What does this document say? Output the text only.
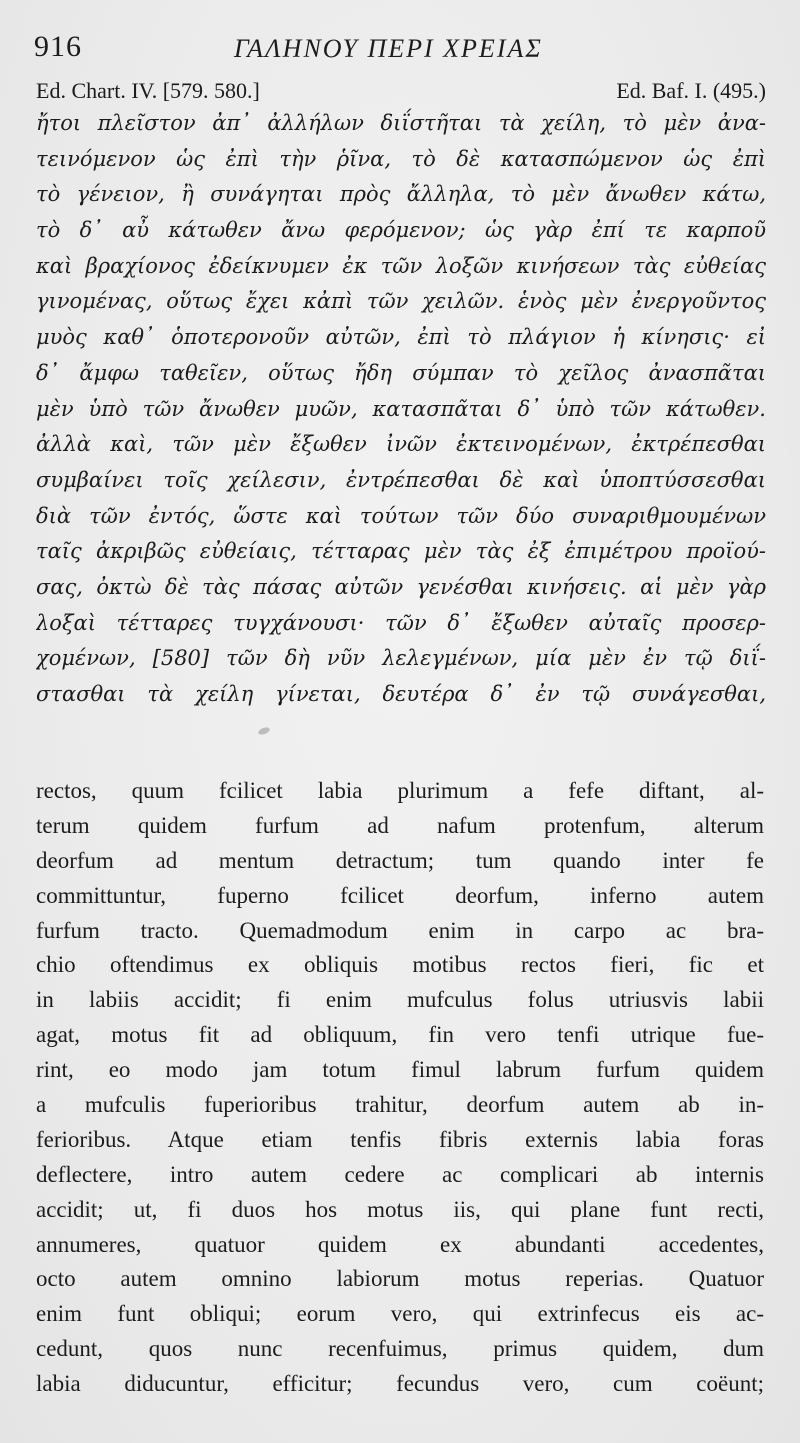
916	ΓΑΛΗΝΟΥ ΠΕΡΙ ΧΡΕΙΑΣ
Ed. Chart. IV. [579. 580.]	Ed. Baf. I. (495.)
ἤτοι πλεῖστον ἀπ᾽ ἀλλήλων διΐστῆται τὰ χείλη, τὸ μὲν ἀνα-
τεινόμενον ὡς ἐπὶ τὴν ῥῖνα, τὸ δὲ κατασπώμενον ὡς ἐπὶ
τὸ γένειον, ἢ συνάγηται πρὸς ἄλληλα, τὸ μὲν ἄνωθεν κάτω,
τὸ δ᾽ αὖ κάτωθεν ἄνω φερόμενον; ὡς γὰρ ἐπί τε καρποῦ
καὶ βραχίονος ἐδείκνυμεν ἐκ τῶν λοξῶν κινήσεων τὰς εὐθείας
γινομένας, οὕτως ἔχει κἀπὶ τῶν χειλῶν. ἑνὸς μὲν ἐνεργοῦντος
μυὸς καθ᾽ ὁποτερονοῦν αὐτῶν, ἐπὶ τὸ πλάγιον ἡ κίνησις· εἰ
δ᾽ ἄμφω ταθεῖεν, οὕτως ἤδη σύμπαν τὸ χεῖλος ἀνασπᾶται
μὲν ὑπὸ τῶν ἄνωθεν μυῶν, κατασπᾶται δ᾽ ὑπὸ τῶν κάτωθεν.
ἀλλὰ καὶ, τῶν μὲν ἔξωθεν ἰνῶν ἐκτεινομένων, ἐκτρέπεσθαι
συμβαίνει τοῖς χείλεσιν, ἐντρέπεσθαι δὲ καὶ ὑποπτύσσεσθαι
διὰ τῶν ἐντός, ὥστε καὶ τούτων τῶν δύο συναριθμουμένων
ταῖς ἀκριβῶς εὐθείαις, τέτταρας μὲν τὰς ἐξ ἐπιμέτρου προϊού-
σας, ὀκτὼ δὲ τὰς πάσας αὐτῶν γενέσθαι κινήσεις. αἱ μὲν γὰρ
λοξαὶ τέτταρες τυγχάνουσι· τῶν δ᾽ ἔξωθεν αὐταῖς προσερ-
χομένων, [580] τῶν δὴ νῦν λελεγμένων, μία μὲν ἐν τῷ διΐ-
στασθαι τὰ χείλη γίνεται, δευτέρα δ᾽ ἐν τῷ συνάγεσθαι,
rectos, quum fcilicet labia plurimum a fefe diftant, al-
terum quidem furfum ad nafum protenfum, alterum
deorfum ad mentum detractum; tum quando inter fe
committuntur, fuperno fcilicet deorfum, inferno autem
furfum tracto. Quemadmodum enim in carpo ac bra-
chio oftendimus ex obliquis motibus rectos fieri, fic et
in labiis accidit; fi enim mufculus folus utriusvis labii
agat, motus fit ad obliquum, fin vero tenfi utrique fue-
rint, eo modo jam totum fimul labrum furfum quidem
a mufculis fuperioribus trahitur, deorfum autem ab in-
ferioribus. Atque etiam tenfis fibris externis labia foras
deflectere, intro autem cedere ac complicari ab internis
accidit; ut, fi duos hos motus iis, qui plane funt recti,
annumeres, quatuor quidem ex abundanti accedentes,
octo autem omnino labiorum motus reperias. Quatuor
enim funt obliqui; eorum vero, qui extrinfecus eis ac-
cedunt, quos nunc recenfuimus, primus quidem, dum
labia diducuntur, efficitur; fecundus vero, cum coëunt;
